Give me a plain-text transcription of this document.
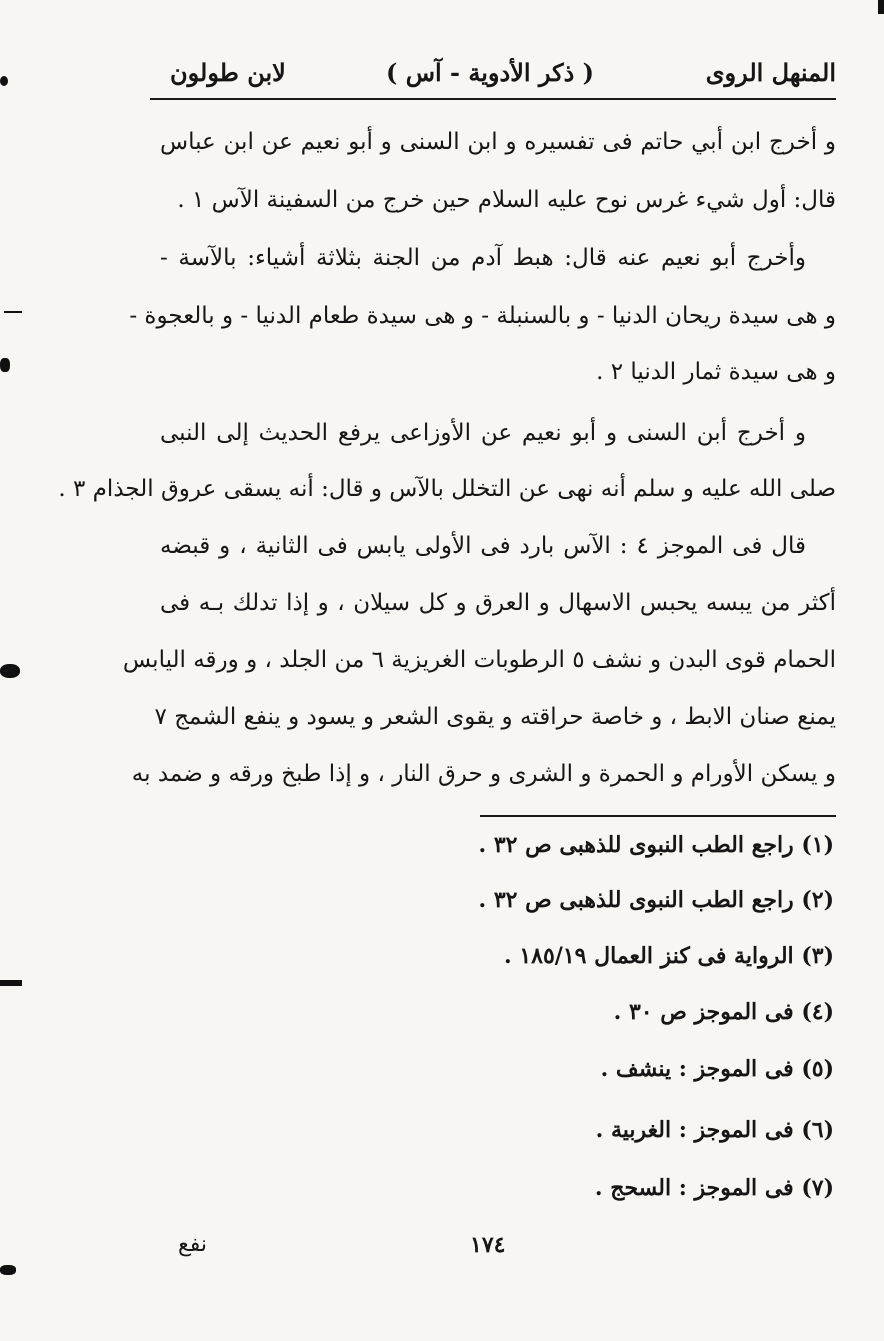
المنهل الروى
( ذكر الأدوية - آس )
لابن طولون
و أخرج ابن أبي حاتم فى تفسيره و ابن السنى و أبو نعيم عن ابن عباس
قال: أول شيء غرس نوح عليه السلام حين خرج من السفينة الآس ١ .
وأخرج أبو نعيم عنه قال: هبط آدم من الجنة بثلاثة أشياء: بالآسة -
و هى سيدة ريحان الدنيا - و بالسنبلة - و هى سيدة طعام الدنيا - و بالعجوة -
و هى سيدة ثمار الدنيا ٢ .
و أخرج أبن السنى و أبو نعيم عن الأوزاعى يرفع الحديث إلى النبى
صلى الله عليه و سلم أنه نهى عن التخلل بالآس و قال: أنه يسقى عروق الجذام ٣ .
قال فى الموجز ٤ : الآس بارد فى الأولى يابس فى الثانية ، و قبضه
أكثر من يبسه يحبس الاسهال و العرق و كل سيلان ، و إذا تدلك بـه فى
الحمام قوى البدن و نشف ٥ الرطوبات الغريزية ٦ من الجلد ، و ورقه اليابس
يمنع صنان الابط ، و خاصة حراقته و يقوى الشعر و يسود و ينفع الشمج ٧
و يسكن الأورام و الحمرة و الشرى و حرق النار ، و إذا طبخ ورقه و ضمد به
(١) راجع الطب النبوى للذهبى ص ٣٢ .
(٢) راجع الطب النبوى للذهبى ص ٣٢ .
(٣) الرواية فى كنز العمال ١٨٥/١٩ .
(٤) فى الموجز ص ٣٠ .
(٥) فى الموجز : ينشف .
(٦) فى الموجز : الغربية .
(٧) فى الموجز : السحج .
١٧٤
نفع
